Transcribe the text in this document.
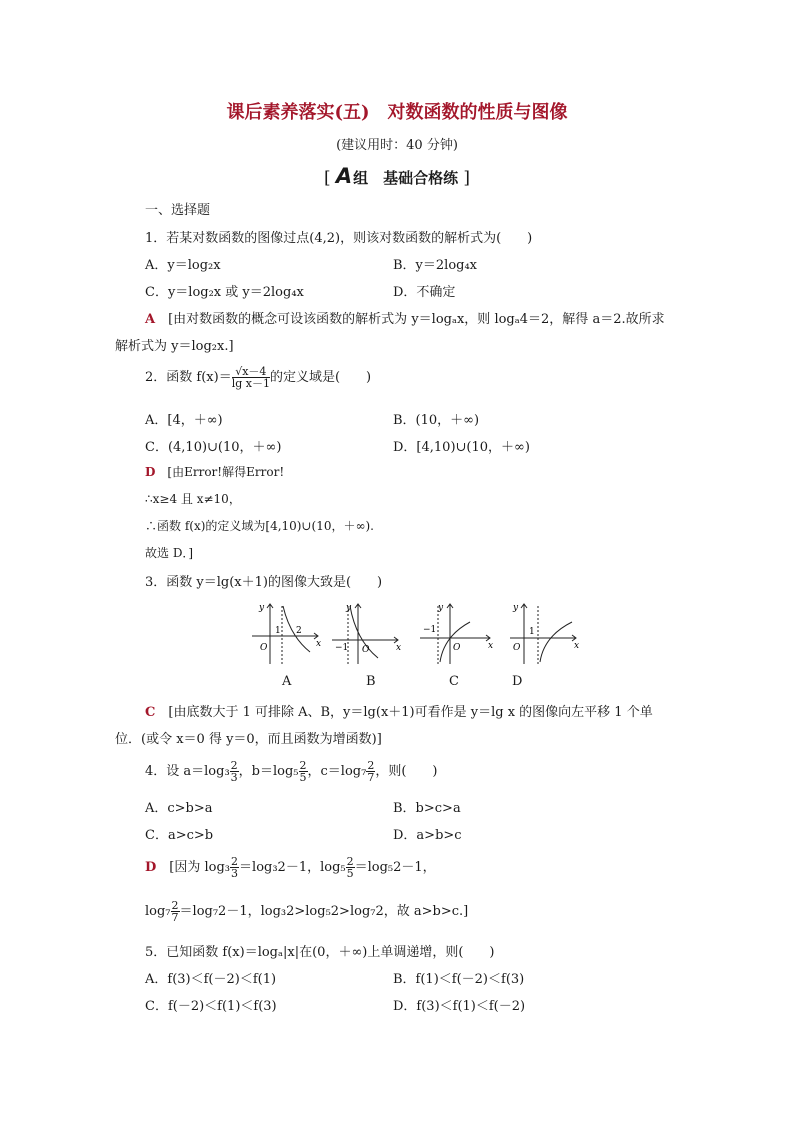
课后素养落实(五) 对数函数的性质与图像
(建议用时：40 分钟)
[ A组　基础合格练 ]
一、选择题
1．若某对数函数的图像过点(4,2)，则该对数函数的解析式为(　　)
A．y＝log₂x	B．y＝2log₄x
C．y＝log₂x 或 y＝2log₄x	D．不确定
A　 [由对数函数的概念可设该函数的解析式为 y＝logₐx，则 logₐ4＝2，解得 a＝2.故所求
解析式为 y＝log₂x.]
2．函数 $f(x)= \frac{√x-4}{\text{lg x－1}}$ 的定义域是(　　)
A．[4，＋∞)	B．(10，＋∞)
C．(4,10)∪(10，＋∞)	D．[4,10)∪(10，＋∞)
D　 [由Error!解得Error!
∴x≥4 且 x≠10，
∴函数 f(x)的定义域为[4,10)∪(10，＋∞).
故选 D．]
3．函数 y＝lg(x＋1)的图像大致是(　　)
y
x
O
1 2
y
x
O
−1
y
x
O
−1
y
x
O
1
A	B	C	D
C　 [由底数大于 1 可排除 A、B，y＝lg(x＋1)可看作是 y＝lg x 的图像向左平移 1 个单
位．(或令 x＝0 得 y＝0，而且函数为增函数)]
4．设 $a=\log_3 \frac{2}{3}$ ，$b=\log_5 \frac{2}{5}$ ，$c=\log_7 \frac{2}{7}$ ，则(　　)
A．c>b>a	B．b>c>a
C．a>c>b	D．a>b>c
D　 [因为 $\log_3 \frac{2}{3} =\log_32-1$，$\log_5 \frac{2}{5} =\log_52-1$，
$\log_7 \frac{2}{7} =\log_72-1$，log₃2>log₅2>log₇2，故 a>b>c.]
5．已知函数 f(x)＝logₐ|x|在(0，＋∞)上单调递增，则(　　)
A．f(3)＜f(－2)＜f(1)	B．f(1)＜f(－2)＜f(3)
C．f(－2)＜f(1)＜f(3)	D．f(3)＜f(1)＜f(－2)
